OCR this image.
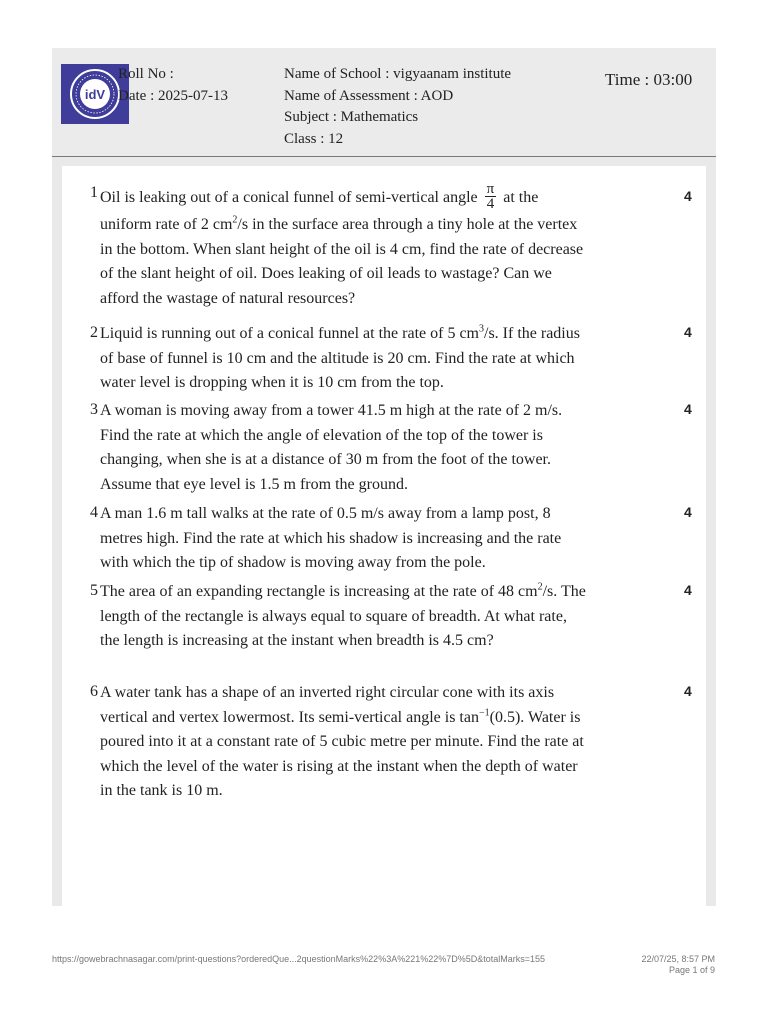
idV
Roll No :
Date : 2025-07-13
Name of School : vigyaanam institute
Name of Assessment : AOD
Subject : Mathematics
Class : 12
Time : 03:00
1 Oil is leaking out of a conical funnel of semi-vertical angle $\frac{\pi}{4}$ at the uniform rate of 2 $cm^2/s$ in the surface area through a tiny hole at the vertex in the bottom. When slant height of the oil is 4 cm, find the rate of decrease of the slant height of oil. Does leaking of oil leads to wastage? Can we afford the wastage of natural resources?
4
2 Liquid is running out of a conical funnel at the rate of 5 $cm^3/s$. If the radius of base of funnel is 10 cm and the altitude is 20 cm. Find the rate at which water level is dropping when it is 10 cm from the top.
4
3 A woman is moving away from a tower 41.5 m high at the rate of 2 m/s. Find the rate at which the angle of elevation of the top of the tower is changing, when she is at a distance of 30 m from the foot of the tower. Assume that eye level is 1.5 m from the ground.
4
4 A man 1.6 m tall walks at the rate of 0.5 m/s away from a lamp post, 8 metres high. Find the rate at which his shadow is increasing and the rate with which the tip of shadow is moving away from the pole.
4
5 The area of an expanding rectangle is increasing at the rate of 48 $cm^2/s$. The length of the rectangle is always equal to square of breadth. At what rate, the length is increasing at the instant when breadth is 4.5 cm?
4
6 A water tank has a shape of an inverted right circular cone with its axis vertical and vertex lowermost. Its semi-vertical angle is $\tan^{-1}(0.5)$. Water is poured into it at a constant rate of 5 cubic metre per minute. Find the rate at which the level of the water is rising at the instant when the depth of water in the tank is 10 m.
4
https://gowebrachnasagar.com/print-questions?orderedQue...2questionMarks%22%3A%221%22%7D%5D&totalMarks=155	22/07/25, 8:57 PM
Page 1 of 9
